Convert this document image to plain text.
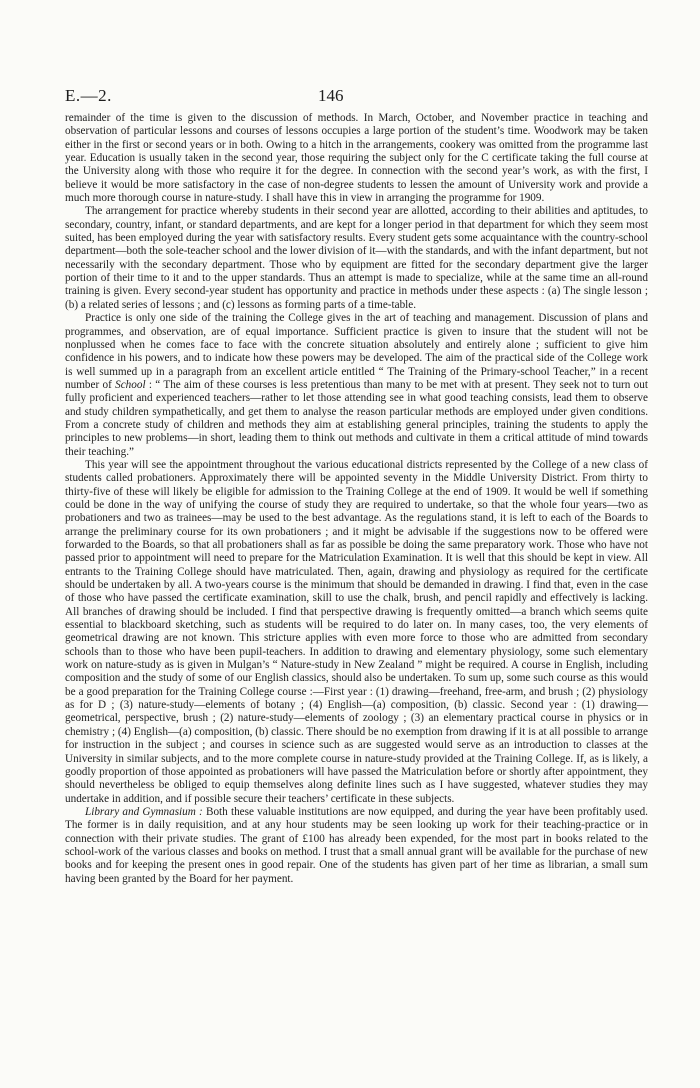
E.—2.	146

remainder of the time is given to the discussion of methods. In March, October, and November practice in teaching and observation of particular lessons and courses of lessons occupies a large portion of the student’s time. Woodwork may be taken either in the first or second years or in both. Owing to a hitch in the arrangements, cookery was omitted from the programme last year. Education is usually taken in the second year, those requiring the subject only for the C certificate taking the full course at the University along with those who require it for the degree. In connection with the second year’s work, as with the first, I believe it would be more satisfactory in the case of non-degree students to lessen the amount of University work and provide a much more thorough course in nature-study. I shall have this in view in arranging the programme for 1909.

The arrangement for practice whereby students in their second year are allotted, according to their abilities and aptitudes, to secondary, country, infant, or standard departments, and are kept for a longer period in that department for which they seem most suited, has been employed during the year with satisfactory results. Every student gets some acquaintance with the country-school department—both the sole-teacher school and the lower division of it—with the standards, and with the infant department, but not necessarily with the secondary department. Those who by equipment are fitted for the secondary department give the larger portion of their time to it and to the upper standards. Thus an attempt is made to specialize, while at the same time an all-round training is given. Every second-year student has opportunity and practice in methods under these aspects : (a) The single lesson ; (b) a related series of lessons ; and (c) lessons as forming parts of a time-table.

Practice is only one side of the training the College gives in the art of teaching and management. Discussion of plans and programmes, and observation, are of equal importance. Sufficient practice is given to insure that the student will not be nonplussed when he comes face to face with the concrete situation absolutely and entirely alone ; sufficient to give him confidence in his powers, and to indicate how these powers may be developed. The aim of the practical side of the College work is well summed up in a paragraph from an excellent article entitled “ The Training of the Primary-school Teacher,” in a recent number of School : “ The aim of these courses is less pretentious than many to be met with at present. They seek not to turn out fully proficient and experienced teachers—rather to let those attending see in what good teaching consists, lead them to observe and study children sympathetically, and get them to analyse the reason particular methods are employed under given conditions. From a concrete study of children and methods they aim at establishing general principles, training the students to apply the principles to new problems—in short, leading them to think out methods and cultivate in them a critical attitude of mind towards their teaching.”

This year will see the appointment throughout the various educational districts represented by the College of a new class of students called probationers. Approximately there will be appointed seventy in the Middle University District. From thirty to thirty-five of these will likely be eligible for admission to the Training College at the end of 1909. It would be well if something could be done in the way of unifying the course of study they are required to undertake, so that the whole four years—two as probationers and two as trainees—may be used to the best advantage. As the regulations stand, it is left to each of the Boards to arrange the preliminary course for its own probationers ; and it might be advisable if the suggestions now to be offered were forwarded to the Boards, so that all probationers shall as far as possible be doing the same preparatory work. Those who have not passed prior to appointment will need to prepare for the Matriculation Examination. It is well that this should be kept in view. All entrants to the Training College should have matriculated. Then, again, drawing and physiology as required for the certificate should be undertaken by all. A two-years course is the minimum that should be demanded in drawing. I find that, even in the case of those who have passed the certificate examination, skill to use the chalk, brush, and pencil rapidly and effectively is lacking. All branches of drawing should be included. I find that perspective drawing is frequently omitted—a branch which seems quite essential to blackboard sketching, such as students will be required to do later on. In many cases, too, the very elements of geometrical drawing are not known. This stricture applies with even more force to those who are admitted from secondary schools than to those who have been pupil-teachers. In addition to drawing and elementary physiology, some such elementary work on nature-study as is given in Mulgan’s “ Nature-study in New Zealand ” might be required. A course in English, including composition and the study of some of our English classics, should also be undertaken. To sum up, some such course as this would be a good preparation for the Training College course :—First year : (1) drawing—freehand, free-arm, and brush ; (2) physiology as for D ; (3) nature-study—elements of botany ; (4) English—(a) composition, (b) classic. Second year : (1) drawing—geometrical, perspective, brush ; (2) nature-study—elements of zoology ; (3) an elementary practical course in physics or in chemistry ; (4) English—(a) composition, (b) classic. There should be no exemption from drawing if it is at all possible to arrange for instruction in the subject ; and courses in science such as are suggested would serve as an introduction to classes at the University in similar subjects, and to the more complete course in nature-study provided at the Training College. If, as is likely, a goodly proportion of those appointed as probationers will have passed the Matriculation before or shortly after appointment, they should nevertheless be obliged to equip themselves along definite lines such as I have suggested, whatever studies they may undertake in addition, and if possible secure their teachers’ certificate in these subjects.

Library and Gymnasium : Both these valuable institutions are now equipped, and during the year have been profitably used. The former is in daily requisition, and at any hour students may be seen looking up work for their teaching-practice or in connection with their private studies. The grant of £100 has already been expended, for the most part in books related to the school-work of the various classes and books on method. I trust that a small annual grant will be available for the purchase of new books and for keeping the present ones in good repair. One of the students has given part of her time as librarian, a small sum having been granted by the Board for her payment.
